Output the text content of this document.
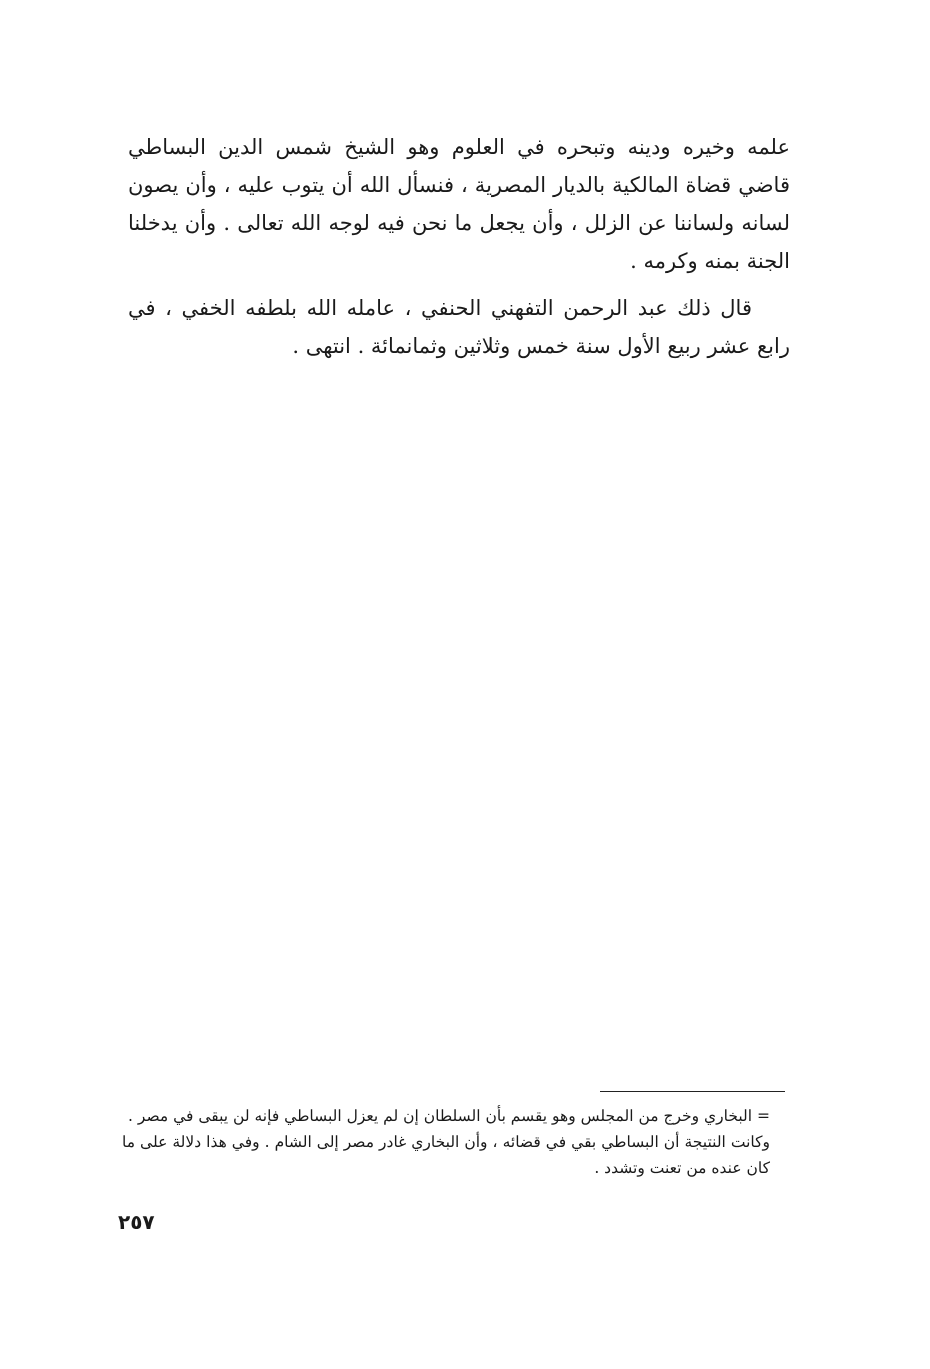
علمه وخيره ودينه وتبحره في العلوم وهو الشيخ شمس الدين البساطي قاضي قضاة المالكية بالديار المصرية ، فنسأل الله أن يتوب عليه ، وأن يصون لسانه ولساننا عن الزلل ، وأن يجعل ما نحن فيه لوجه الله تعالى . وأن يدخلنا الجنة بمنه وكرمه .

قال ذلك عبد الرحمن التفهني الحنفي ، عامله الله بلطفه الخفي ، في رابع عشر ربيع الأول سنة خمس وثلاثين وثمانمائة . انتهى .

= البخاري وخرج من المجلس وهو يقسم بأن السلطان إن لم يعزل البساطي فإنه لن يبقى في مصر .

وكانت النتيجة أن البساطي بقي في قضائه ، وأن البخاري غادر مصر إلى الشام . وفي هذا دلالة على ما كان عنده من تعنت وتشدد .

٢٥٧
